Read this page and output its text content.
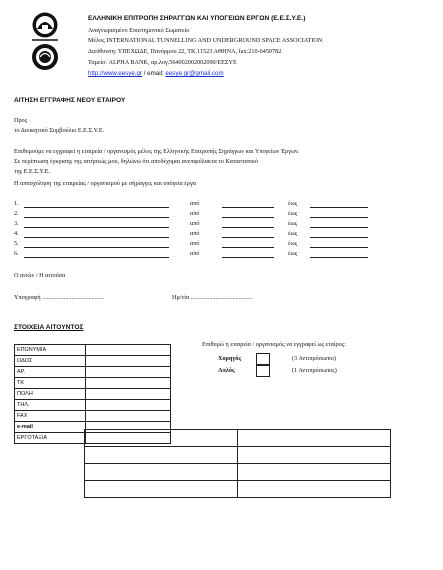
ΕΛΛΗΝΙΚΗ ΕΠΙΤΡΟΠΗ ΣΗΡΑΓΓΩΝ ΚΑΙ ΥΠΟΓΕΙΩΝ ΕΡΓΩΝ (Ε.Ε.Σ.Υ.Ε.)
Αναγνωρισμένο Επιστημονικό Σωματείο
Μέλος INTERNATIONAL TUNNELLING AND UNDERGROUND SPACE ASSOCIATION
Διεύθυνση: ΥΠΕΧΩΔΕ, Πανόρμου 22, ΤΚ.11523 ΑΘΗΝΑ, fax:210-6450782
Ταμείο: ALPHA BANK, αρ.λογ.564002002002090/ΕΕΣΥΕ
http://www.eesye.gr / email: eesye.gr@gmail.com
ΑΙΤΗΣΗ ΕΓΓΡΑΦΗΣ ΝΕΟΥ ΕΤΑΙΡΟΥ
Προς
το Διοικητικό Συμβούλιο Ε.Ε.Σ.Υ.Ε.
Επιθυμούμε να εγγραφεί η εταιρεία / οργανισμός μέλος της Ελληνικής Επιτροπής Σηράγγων και Υπογείων Έργων.
Σε περίπτωση έγκρισης της αιτήσεώς μου, δηλώνω ότι αποδέχομαι ανεπιφύλακτα το Καταστατικό
της Ε.Ε.Σ.Υ.Ε.
Η απασχόληση της εταιρείας / οργανισμού με σήραγγες και υπόγεια έργα
1.	από	έως
2.	από	έως
3.	από	έως
4.	από	έως
5.	από	έως
6.	από	έως
Ο αιτών / Η αιτούσα
Υπογραφή ........................................	Ημ/νία ........................................
ΣΤΟΙΧΕΙΑ ΑΙΤΟΥΝΤΟΣ
ΕΠΩΝΥΜΙΑ	
ΟΔΟΣ	
ΑΡ.	
ΤΚ	
ΠΟΛΗ	
ΤΗΛ.	
FAX	
e-mail	
ΕΡΓΟΤΑΞΙΑ	

Επιθυμώ η εταιρεία / οργανισμός να εγγραφεί ως εταίρος:
Χορηγός	(3 Αντιπρόσωποι)
Απλός	(1 Αντιπρόσωπος)
